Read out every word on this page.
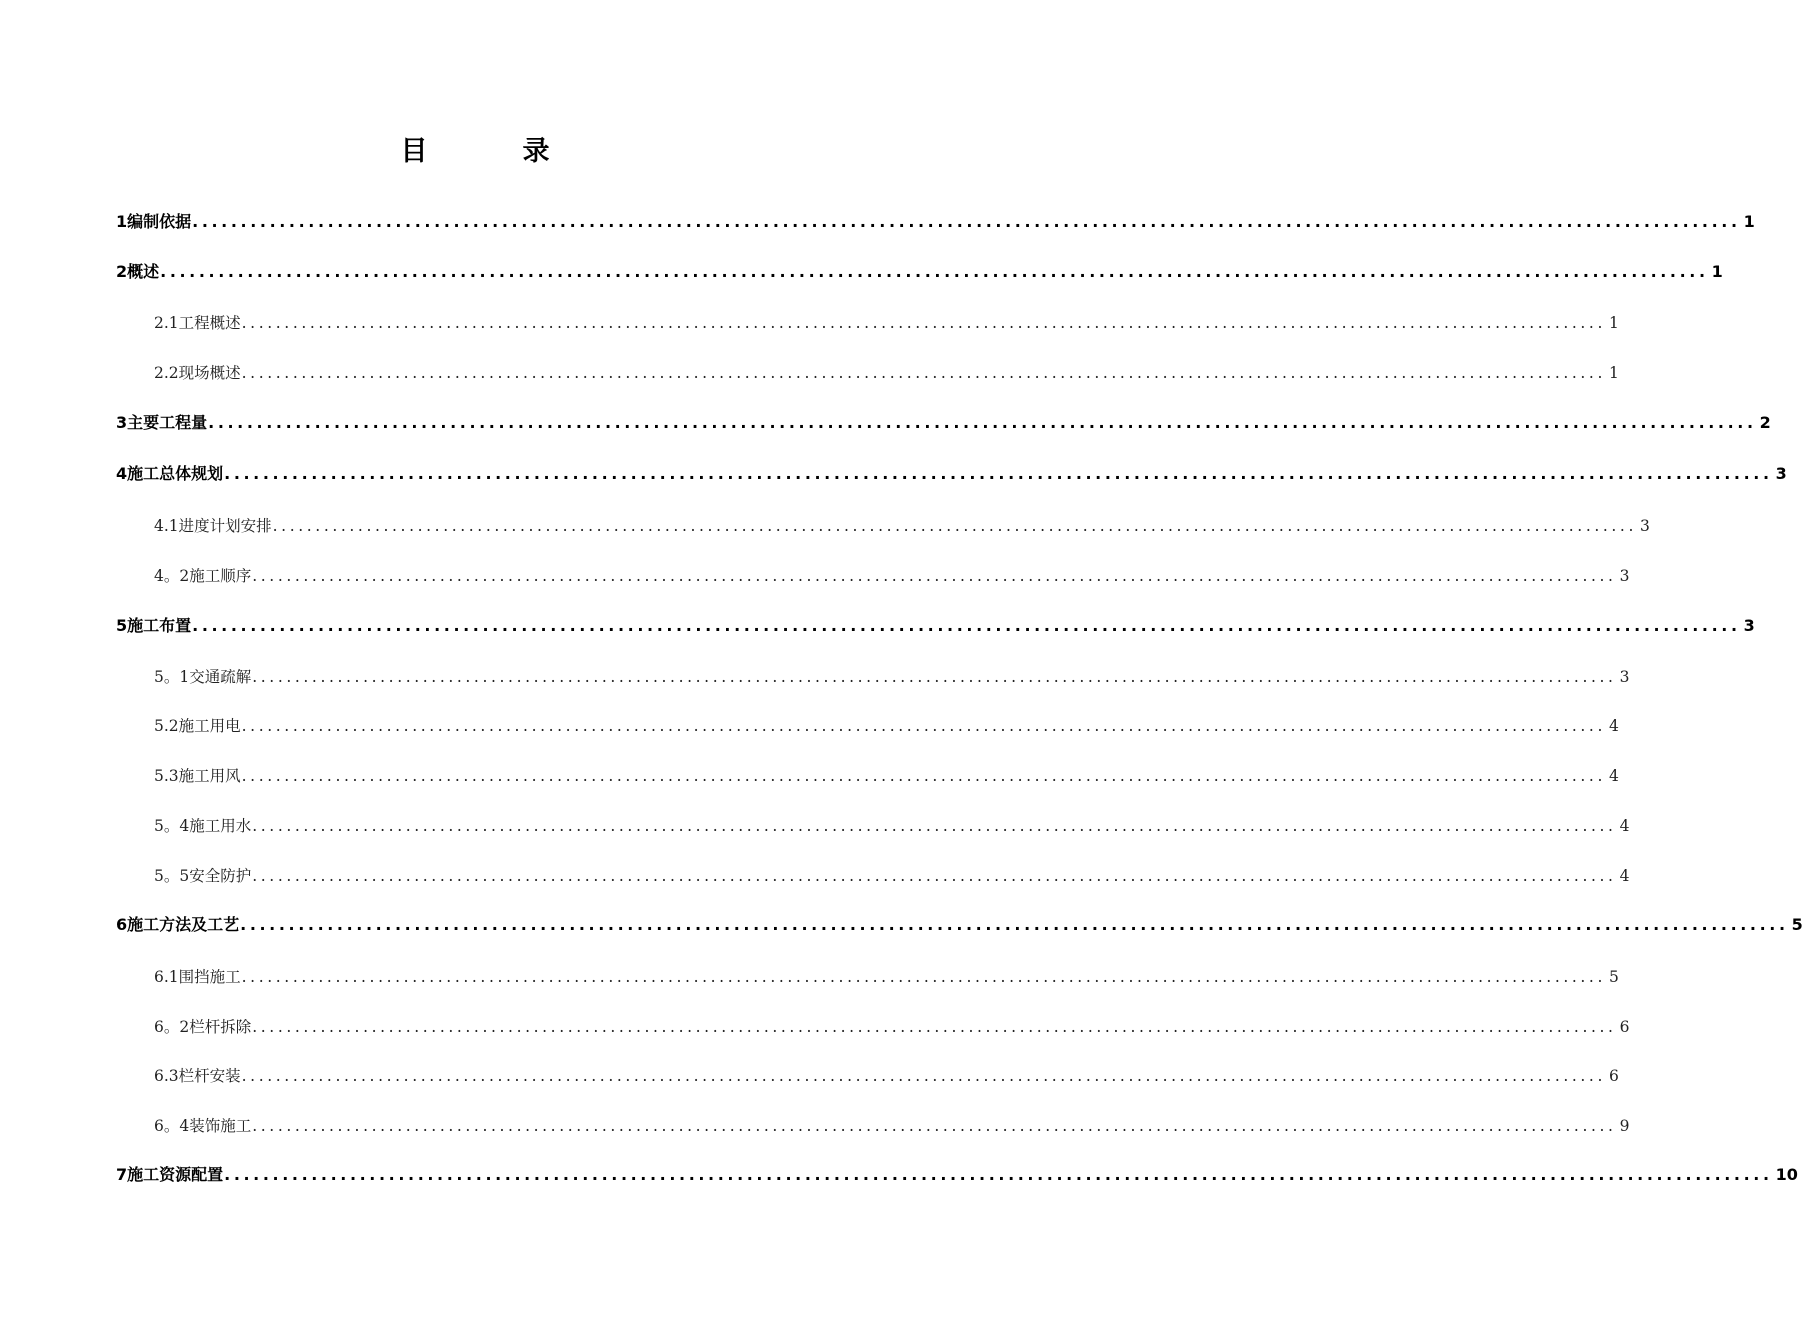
目　录
1编制依据 ................................................................................................................................................................ 1
2概述 ................................................................................................................................................................ 1
2.1工程概述 ................................................................................................................................................................ 1
2.2现场概述 ................................................................................................................................................................ 1
3主要工程量 ................................................................................................................................................................ 2
4施工总体规划 ................................................................................................................................................................ 3
4.1进度计划安排 ................................................................................................................................................................ 3
4。2施工顺序 ................................................................................................................................................................ 3
5施工布置 ................................................................................................................................................................ 3
5。1交通疏解 ................................................................................................................................................................ 3
5.2施工用电 ................................................................................................................................................................ 4
5.3施工用风 ................................................................................................................................................................ 4
5。4施工用水 ................................................................................................................................................................ 4
5。5安全防护 ................................................................................................................................................................ 4
6施工方法及工艺 ................................................................................................................................................................ 5
6.1围挡施工 ................................................................................................................................................................ 5
6。2栏杆拆除 ................................................................................................................................................................ 6
6.3栏杆安装 ................................................................................................................................................................ 6
6。4装饰施工 ................................................................................................................................................................ 9
7施工资源配置 ................................................................................................................................................................ 10
